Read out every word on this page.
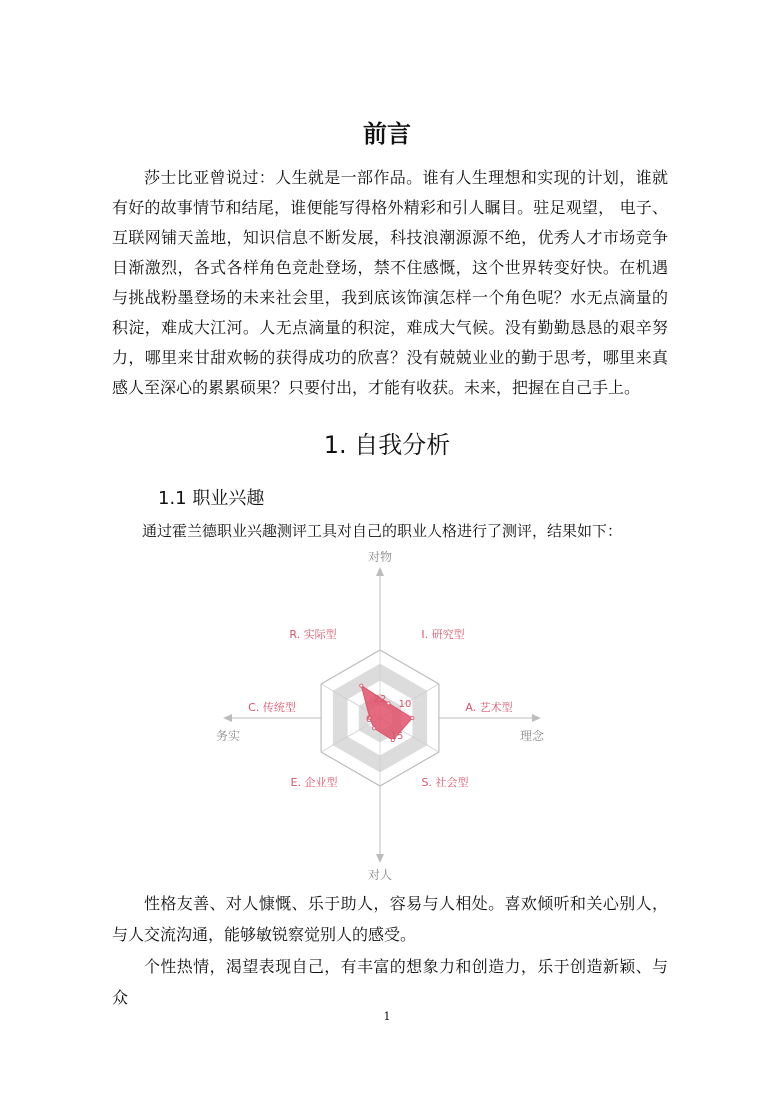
前言

莎士比亚曾说过：人生就是一部作品。谁有人生理想和实现的计划，谁就有好的故事情节和结尾，谁便能写得格外精彩和引人瞩目。驻足观望， 电子、互联网铺天盖地，知识信息不断发展，科技浪潮源源不绝，优秀人才市场竞争日渐激烈，各式各样角色竞赴登场，禁不住感慨，这个世界转变好快。在机遇与挑战粉墨登场的未来社会里，我到底该饰演怎样一个角色呢？水无点滴量的积淀，难成大江河。人无点滴量的积淀，难成大气候。没有勤勤恳恳的艰辛努力，哪里来甘甜欢畅的获得成功的欣喜？没有兢兢业业的勤于思考，哪里来真感人至深心的累累硕果？只要付出，才能有收获。未来，把握在自己手上。

1. 自我分析
1.1 职业兴趣
通过霍兰德职业兴趣测评工具对自己的职业人格进行了测评，结果如下：
对物
对人
务实	理念
R. 实际型	I. 研究型
A. 艺术型
S. 社会型
E. 企业型
C. 传统型
22 10
15
6

性格友善、对人慷慨、乐于助人，容易与人相处。喜欢倾听和关心别人，与人交流沟通，能够敏锐察觉别人的感受。

个性热情，渴望表现自己，有丰富的想象力和创造力，乐于创造新颖、与众

1
